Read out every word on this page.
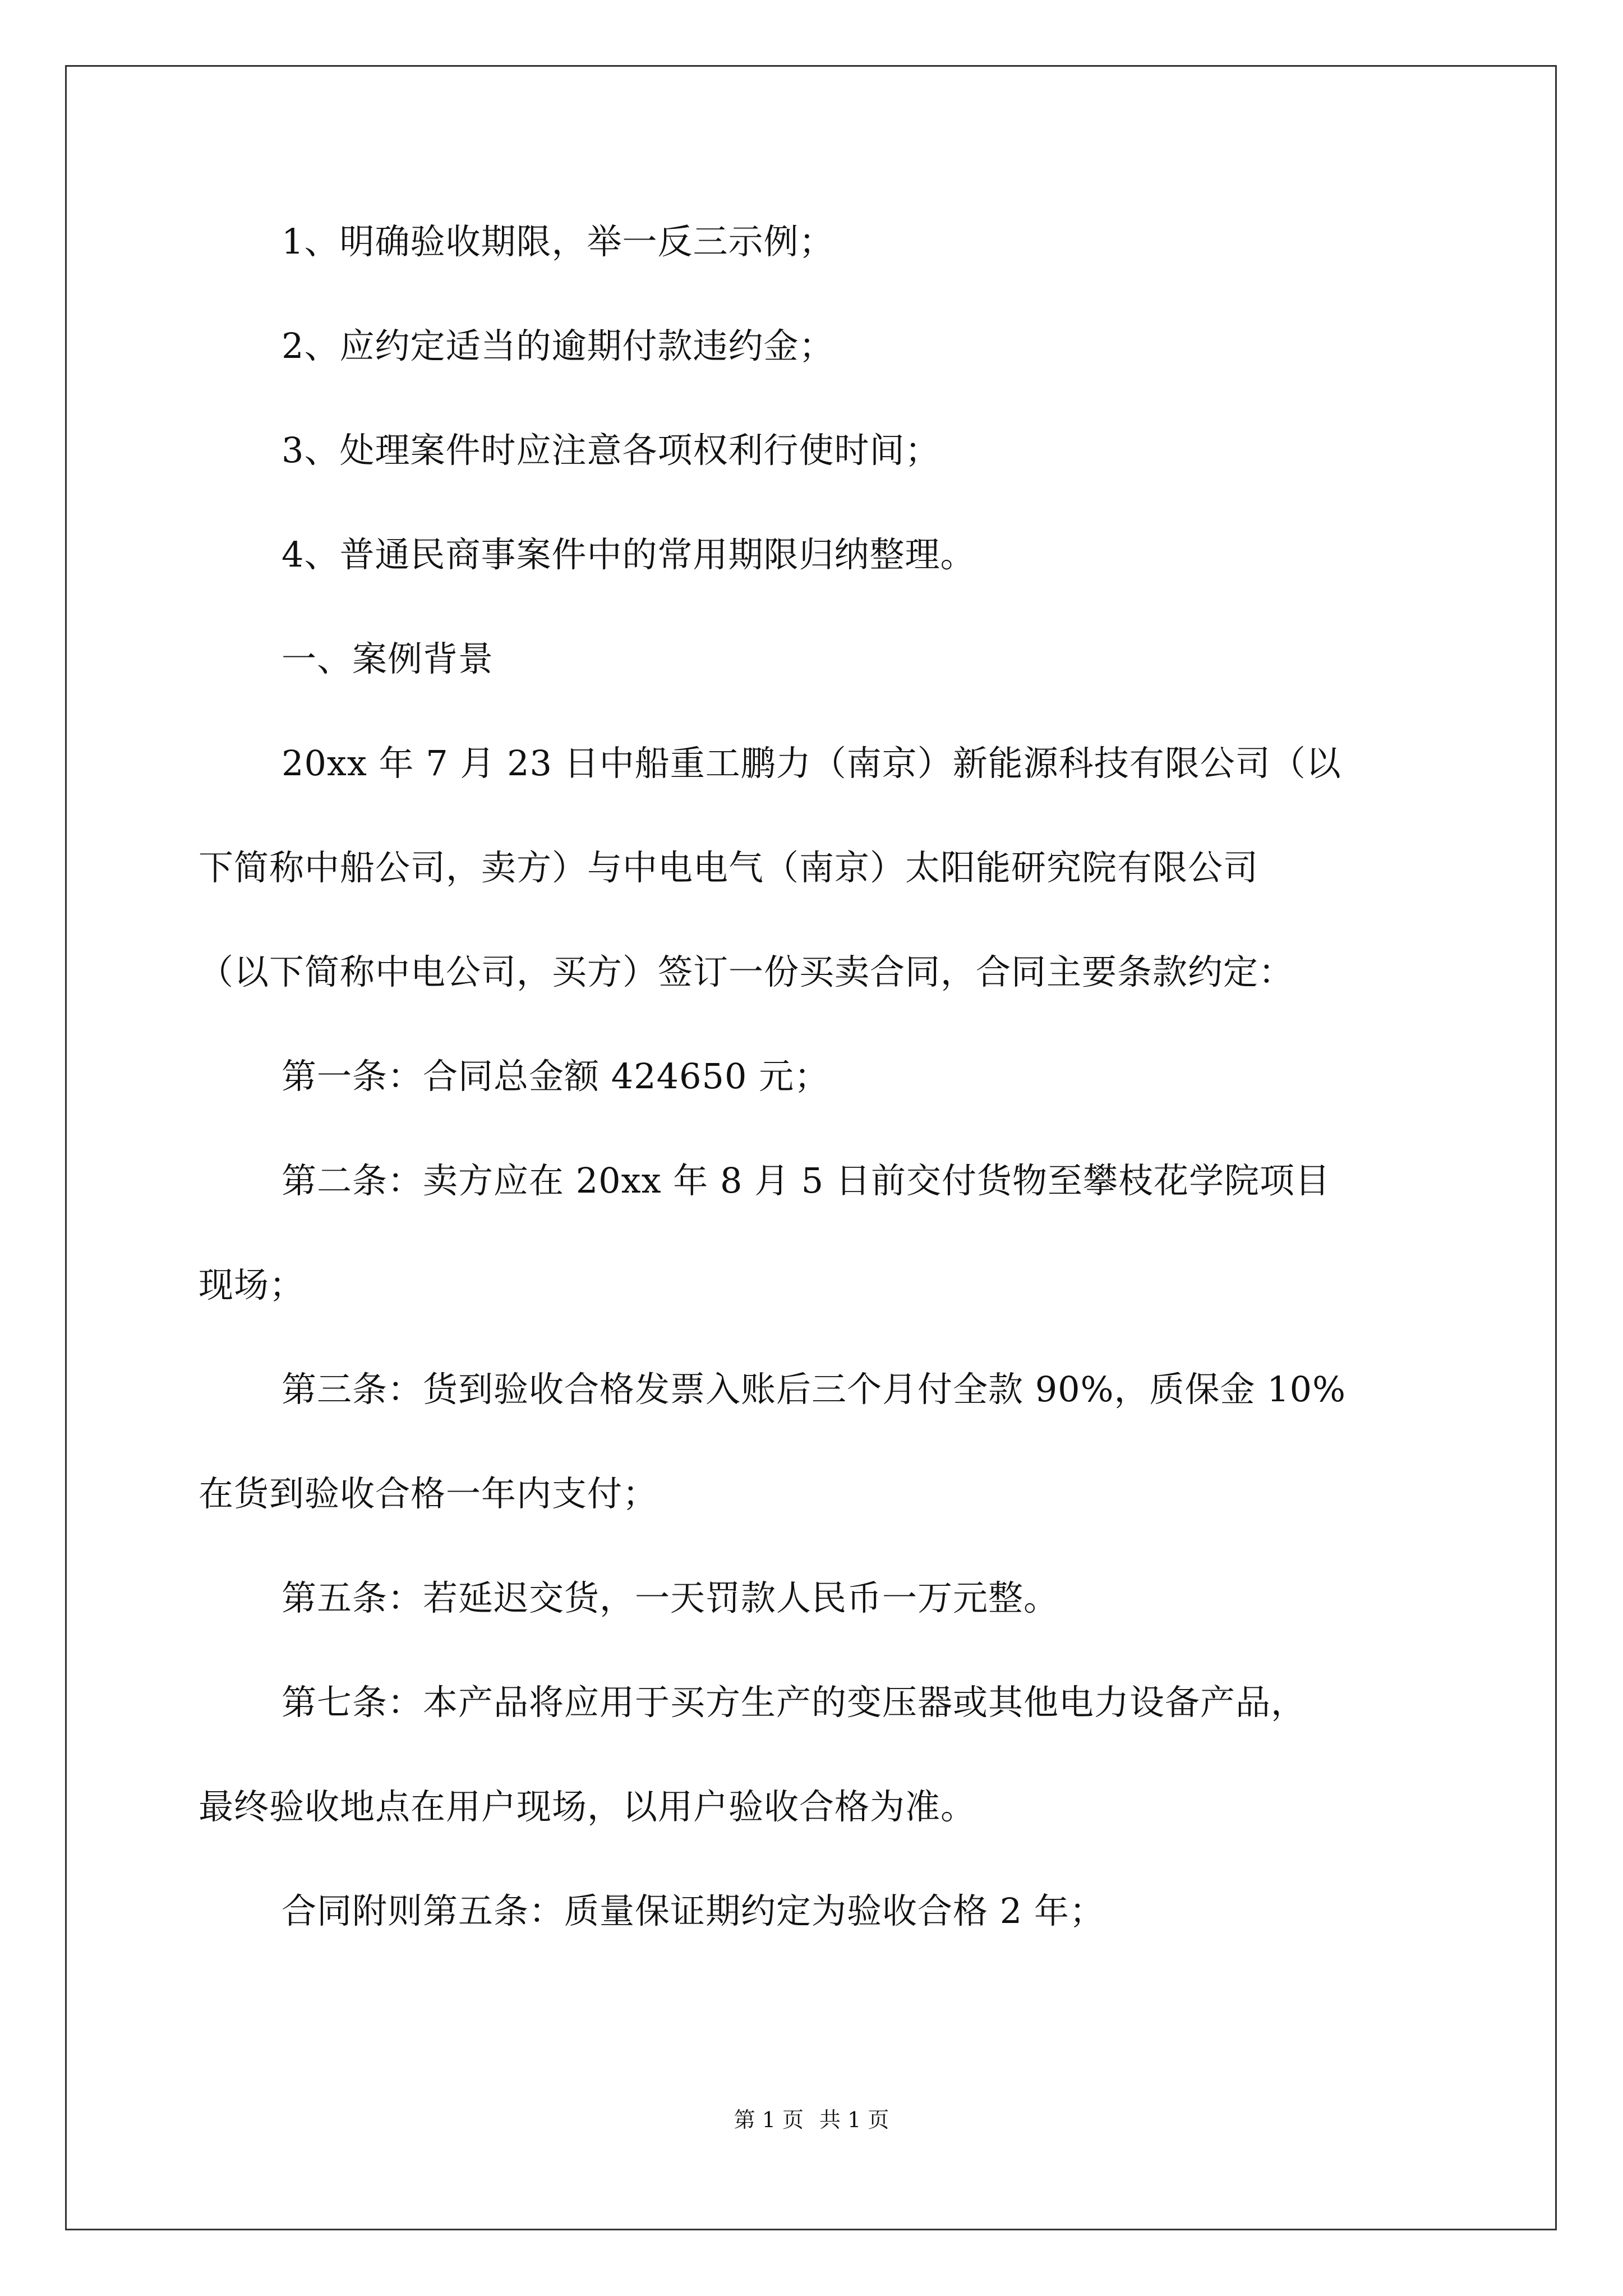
1、明确验收期限，举一反三示例；
2、应约定适当的逾期付款违约金；
3、处理案件时应注意各项权利行使时间；
4、普通民商事案件中的常用期限归纳整理。
一、案例背景
20xx 年 7 月 23 日中船重工鹏力（南京）新能源科技有限公司（以
下简称中船公司，卖方）与中电电气（南京）太阳能研究院有限公司
（以下简称中电公司，买方）签订一份买卖合同，合同主要条款约定：
第一条：合同总金额 424650 元；
第二条：卖方应在 20xx 年 8 月 5 日前交付货物至攀枝花学院项目
现场；
第三条：货到验收合格发票入账后三个月付全款 90%，质保金 10%
在货到验收合格一年内支付；
第五条：若延迟交货，一天罚款人民币一万元整。
第七条：本产品将应用于买方生产的变压器或其他电力设备产品，
最终验收地点在用户现场，以用户验收合格为准。
合同附则第五条：质量保证期约定为验收合格 2 年；
第 1 页 共 1 页
